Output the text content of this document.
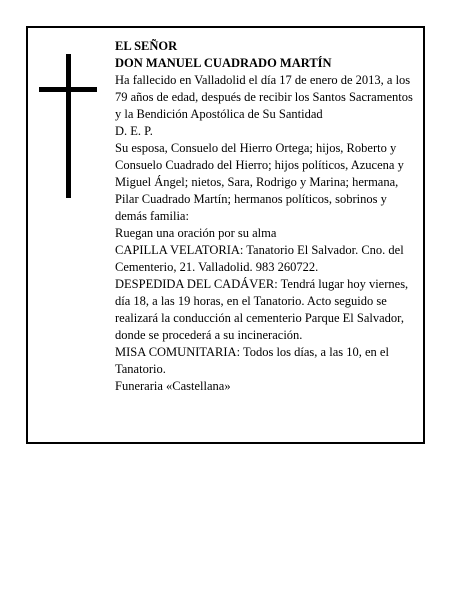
EL SEÑOR

DON MANUEL CUADRADO MARTÍN

Ha fallecido en Valladolid el día 17 de enero de 2013, a los 79 años de edad, después de recibir los Santos Sacramentos y la Bendición Apostólica de Su Santidad

D. E. P.

Su esposa, Consuelo del Hierro Ortega; hijos, Roberto y Consuelo Cuadrado del Hierro; hijos políticos, Azucena y Miguel Ángel; nietos, Sara, Rodrigo y Marina; hermana, Pilar Cuadrado Martín; hermanos políticos, sobrinos y demás familia:

Ruegan una oración por su alma

CAPILLA VELATORIA: Tanatorio El Salvador. Cno. del Cementerio, 21. Valladolid. 983 260722.

DESPEDIDA DEL CADÁVER: Tendrá lugar hoy viernes, día 18, a las 19 horas, en el Tanatorio. Acto seguido se realizará la conducción al cementerio Parque El Salvador, donde se procederá a su incineración.

MISA COMUNITARIA: Todos los días, a las 10, en el Tanatorio.

Funeraria «Castellana»
